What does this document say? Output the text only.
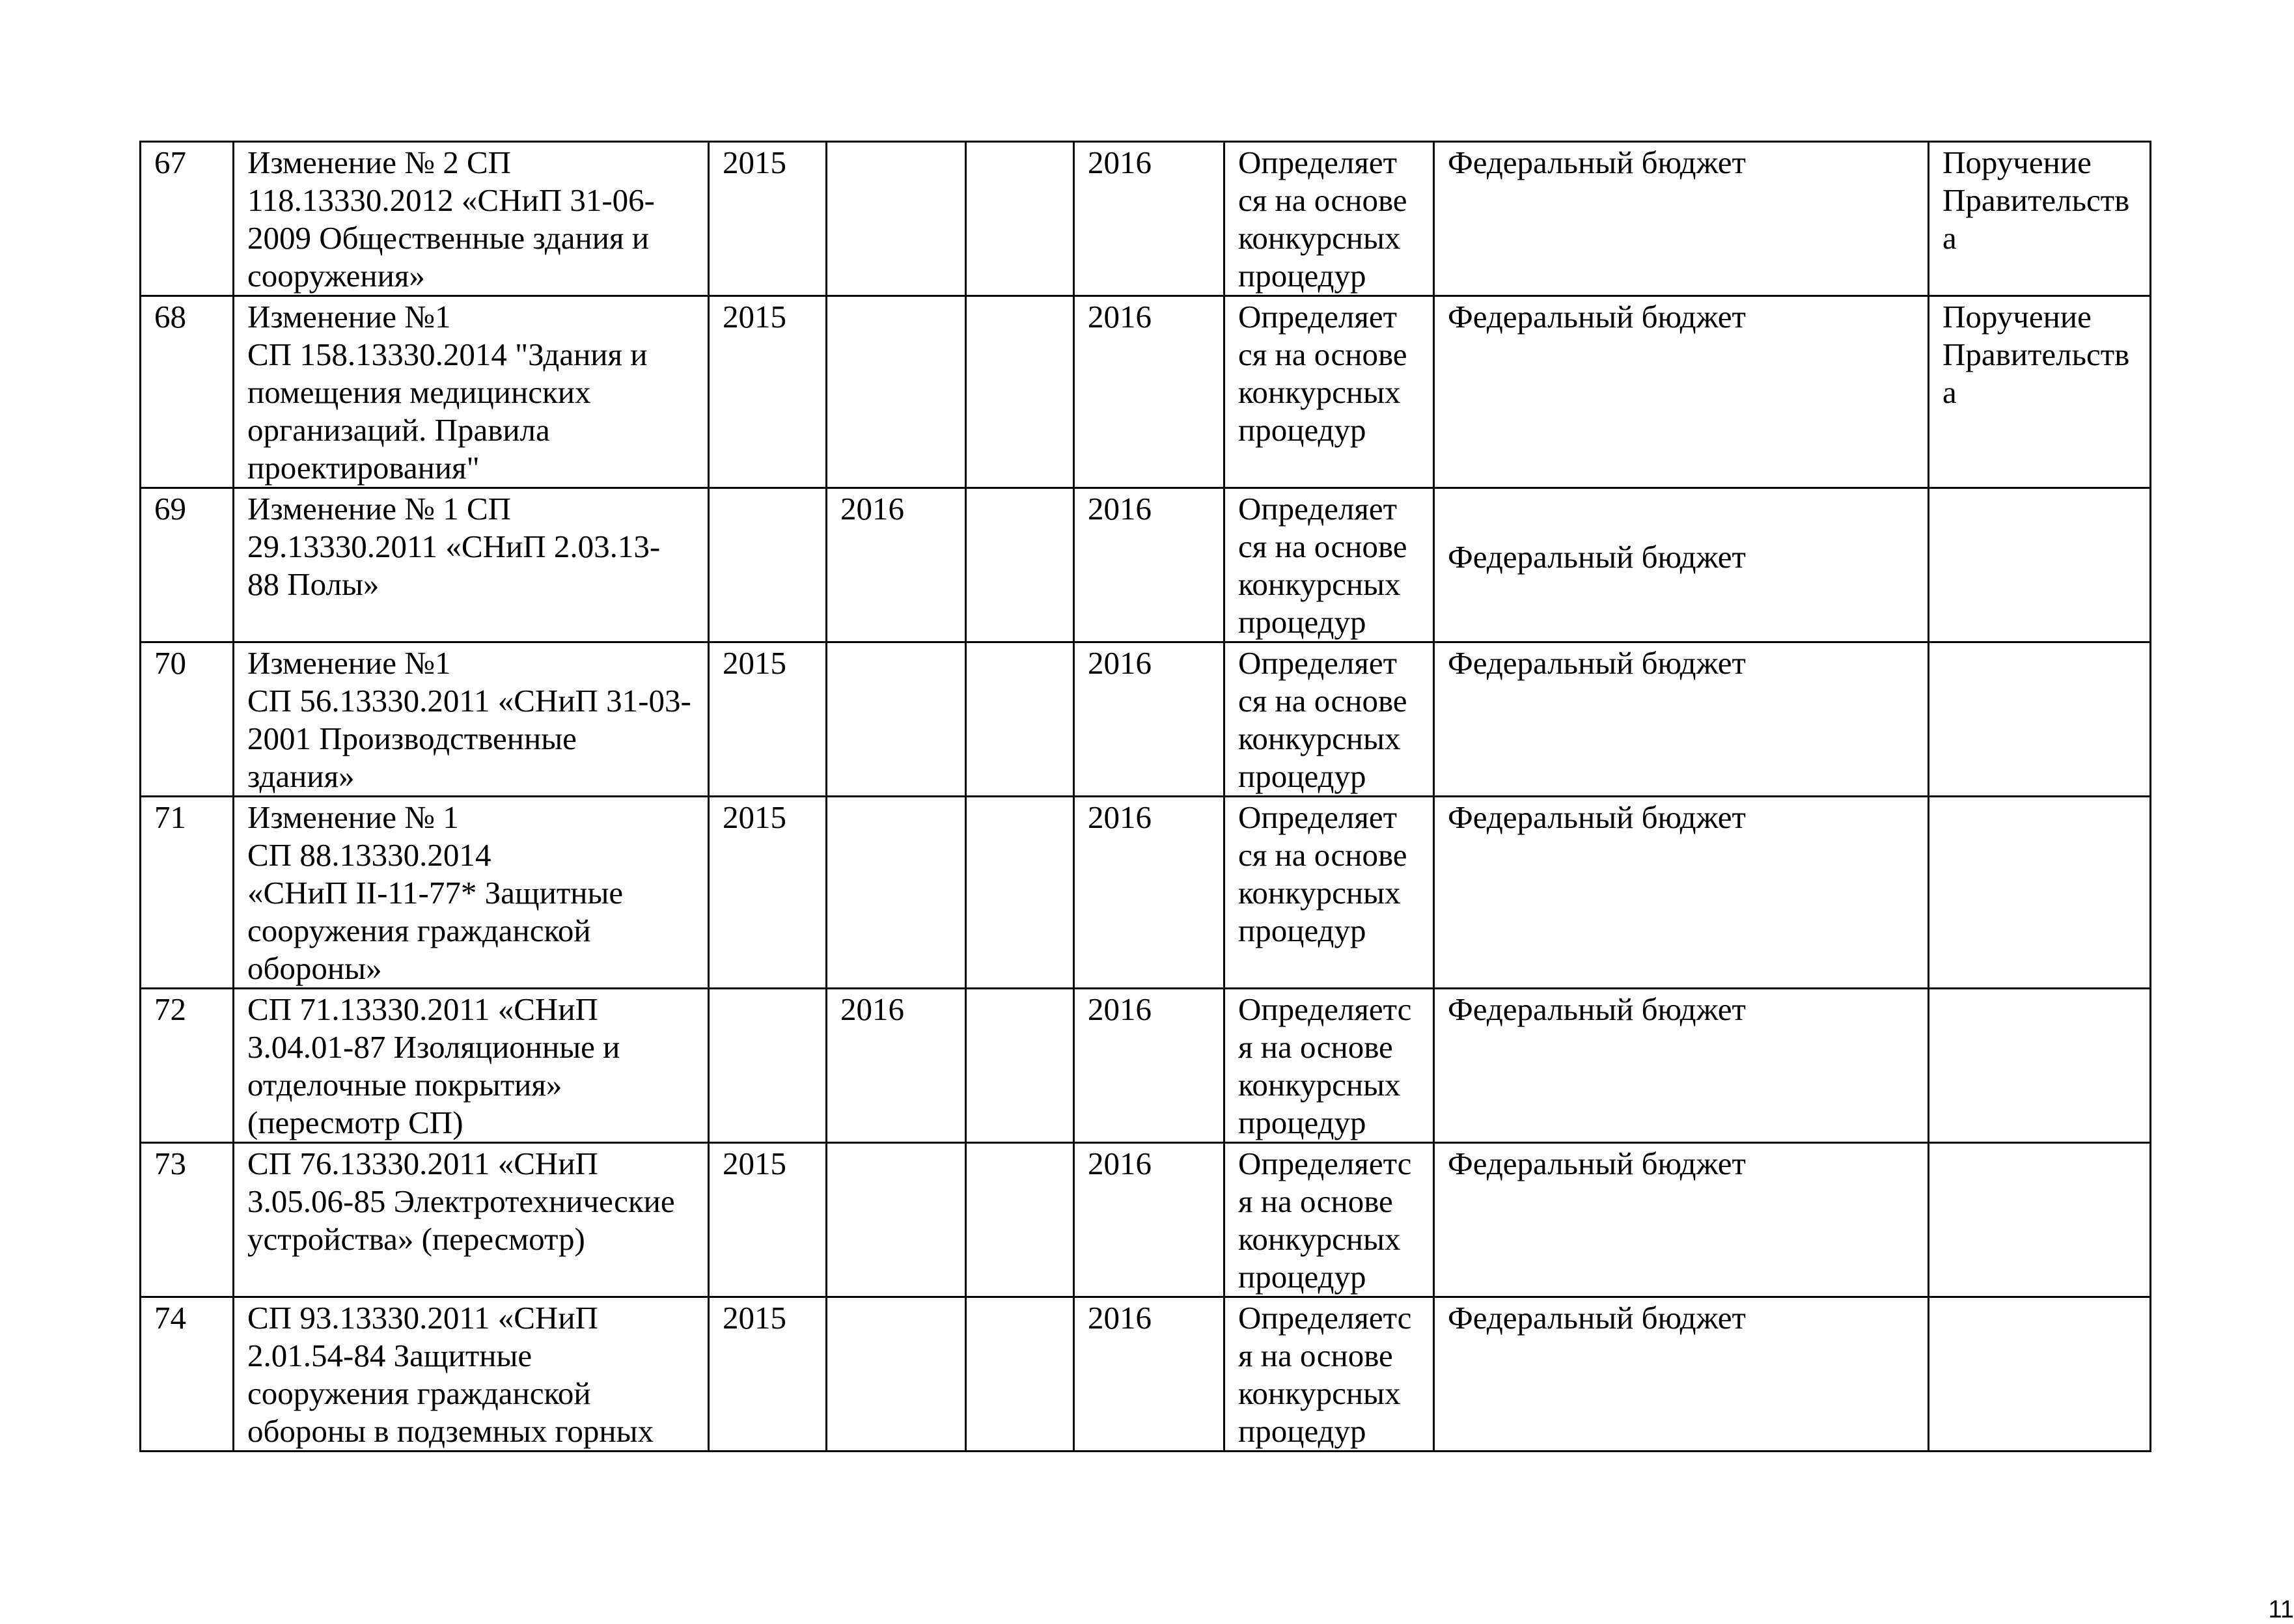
67	Изменение № 2 СП
118.13330.2012 «СНиП 31-06-
2009 Общественные здания и
сооружения»	2015			2016	Определяет
ся на основе
конкурсных
процедур	Федеральный бюджет	Поручение
Правительства
68	Изменение №1
СП 158.13330.2014 "Здания и
помещения медицинских
организаций. Правила
проектирования"	2015			2016	Определяет
ся на основе
конкурсных
процедур	Федеральный бюджет	Поручение
Правительства
69	Изменение № 1 СП
29.13330.2011 «СНиП 2.03.13-
88 Полы»		2016		2016	Определяет
ся на основе
конкурсных
процедур	Федеральный бюджет	
70	Изменение №1
СП 56.13330.2011 «СНиП 31-03-
2001 Производственные
здания»	2015			2016	Определяет
ся на основе
конкурсных
процедур	Федеральный бюджет	
71	Изменение № 1
СП 88.13330.2014
«СНиП II-11-77* Защитные
сооружения гражданской
обороны»	2015			2016	Определяет
ся на основе
конкурсных
процедур	Федеральный бюджет	
72	СП 71.13330.2011 «СНиП
3.04.01-87 Изоляционные и
отделочные покрытия»
(пересмотр СП)		2016		2016	Определяетс
я на основе
конкурсных
процедур	Федеральный бюджет	
73	СП 76.13330.2011 «СНиП
3.05.06-85 Электротехнические
устройства» (пересмотр)	2015			2016	Определяетс
я на основе
конкурсных
процедур	Федеральный бюджет	
74	СП 93.13330.2011 «СНиП
2.01.54-84 Защитные
сооружения гражданской
обороны в подземных горных	2015			2016	Определяетс
я на основе
конкурсных
процедур	Федеральный бюджет	
11
